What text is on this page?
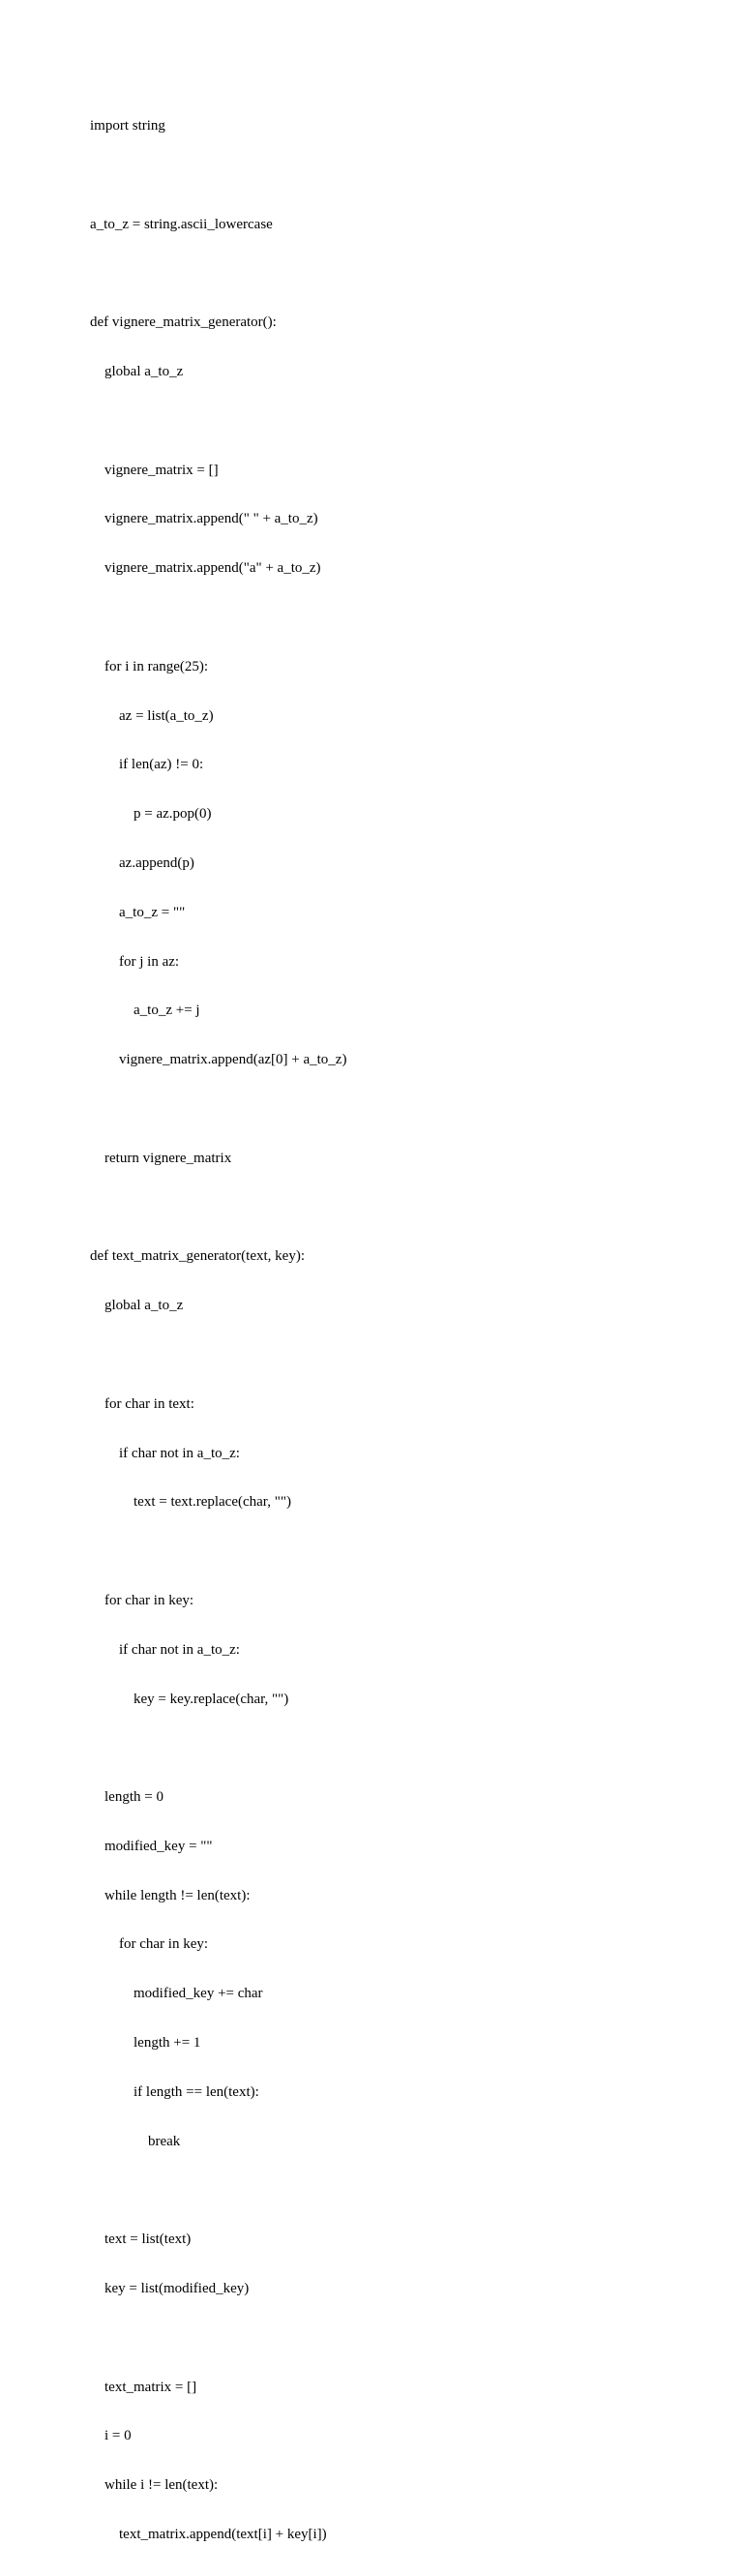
import string

a_to_z = string.ascii_lowercase

def vignere_matrix_generator():

global a_to_z

vignere_matrix = []

vignere_matrix.append(" " + a_to_z)

vignere_matrix.append("a" + a_to_z)

for i in range(25):

az = list(a_to_z)

if len(az) != 0:

p = az.pop(0)

az.append(p)

a_to_z = ""

for j in az:

a_to_z += j

vignere_matrix.append(az[0] + a_to_z)

return vignere_matrix

def text_matrix_generator(text, key):

global a_to_z

for char in text:

if char not in a_to_z:

text = text.replace(char, "")

for char in key:

if char not in a_to_z:

key = key.replace(char, "")

length = 0

modified_key = ""

while length != len(text):

for char in key:

modified_key += char

length += 1

if length == len(text):

break

text = list(text)

key = list(modified_key)

text_matrix = []

i = 0

while i != len(text):

text_matrix.append(text[i] + key[i])
